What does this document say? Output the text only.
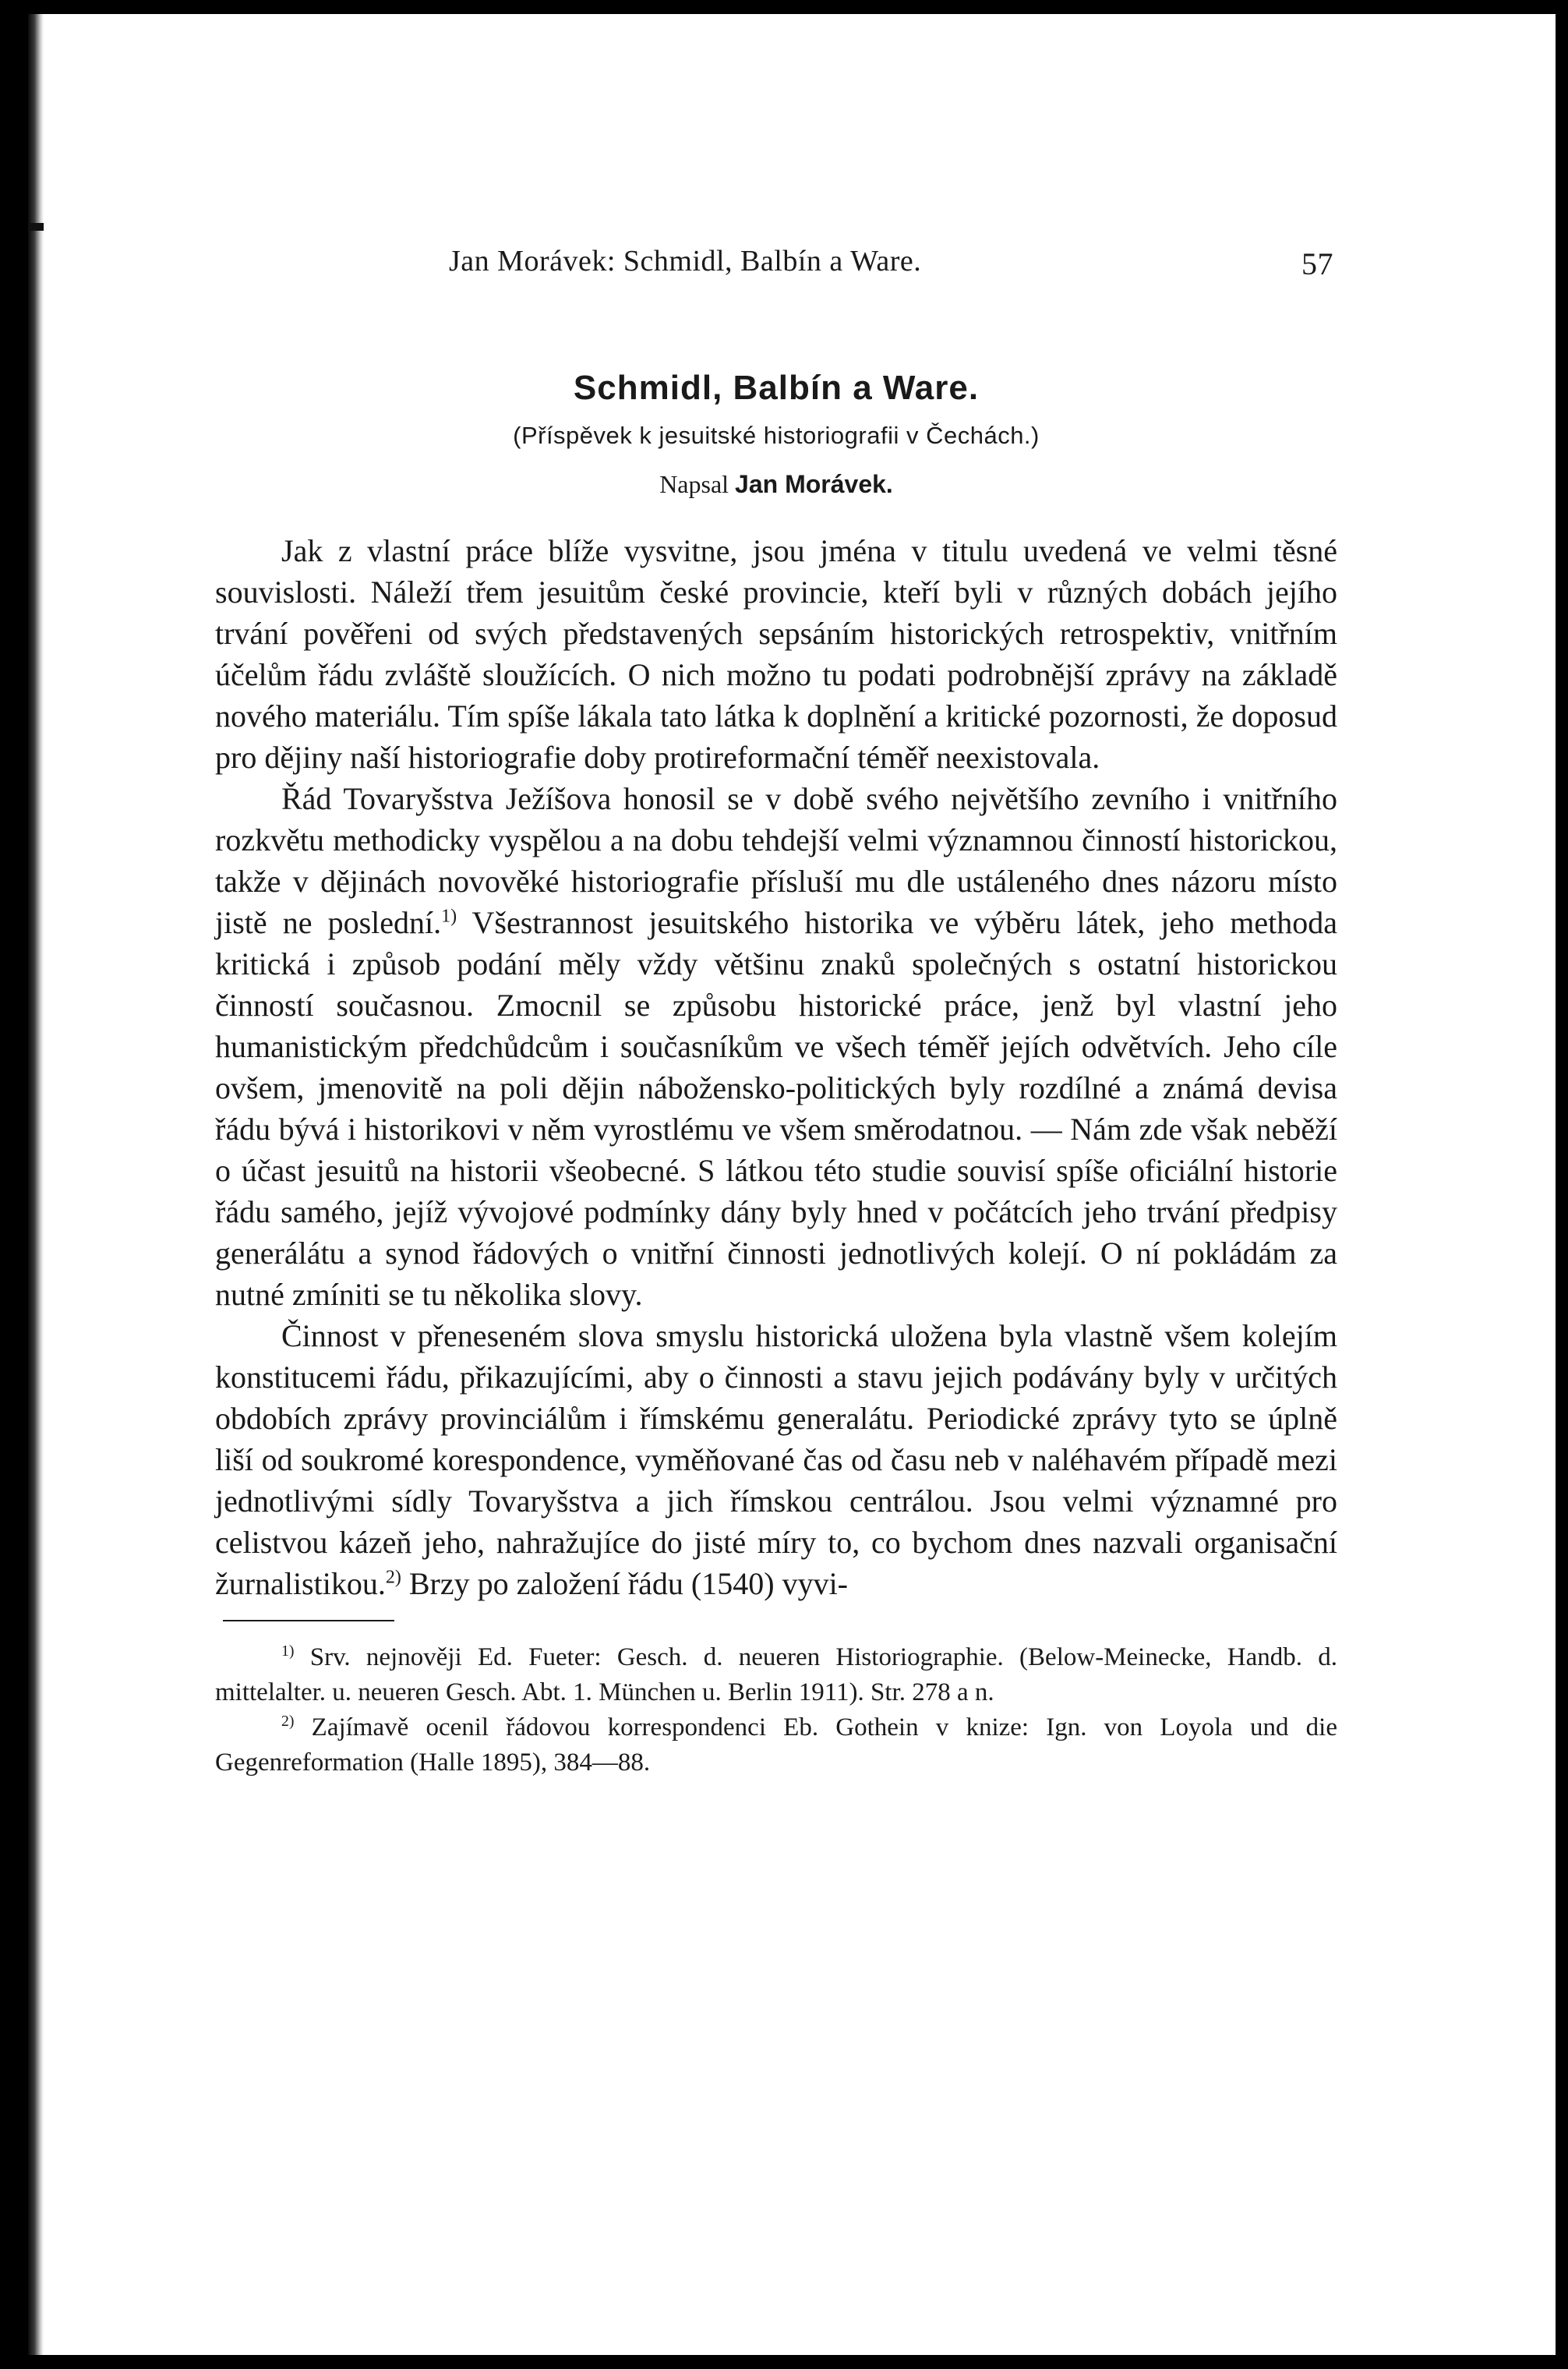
Jan Morávek: Schmidl, Balbín a Ware.	57
Schmidl, Balbín a Ware.
(Příspěvek k jesuitské historiografii v Čechách.)
Napsal Jan Morávek.

Jak z vlastní práce blíže vysvitne, jsou jména v titulu uvedená ve velmi těsné souvislosti. Náleží třem jesuitům české provincie, kteří byli v různých dobách jejího trvání pověřeni od svých představených sepsáním historických retrospektiv, vnitřním účelům řádu zvláště sloužících. O nich možno tu podati podrobnější zprávy na základě nového materiálu. Tím spíše lákala tato látka k doplnění a kritické pozornosti, že doposud pro dějiny naší historiografie doby protireformační téměř neexistovala.

Řád Tovaryšstva Ježíšova honosil se v době svého největšího zevního i vnitřního rozkvětu methodicky vyspělou a na dobu tehdejší velmi významnou činností historickou, takže v dějinách novověké historiografie přísluší mu dle ustáleného dnes názoru místo jistě ne poslední.$^{1)}$ Všestrannost jesuitského historika ve výběru látek, jeho methoda kritická i způsob podání měly vždy většinu znaků společných s ostatní historickou činností současnou. Zmocnil se způsobu historické práce, jenž byl vlastní jeho humanistickým předchůdcům i současníkům ve všech téměř jejích odvětvích. Jeho cíle ovšem, jmenovitě na poli dějin nábožensko-politických byly rozdílné a známá devisa řádu bývá i historikovi v něm vyrostlému ve všem směrodatnou. — Nám zde však neběží o účast jesuitů na historii všeobecné. S látkou této studie souvisí spíše oficiální historie řádu samého, jejíž vývojové podmínky dány byly hned v počátcích jeho trvání předpisy generálátu a synod řádových o vnitřní činnosti jednotlivých kolejí. O ní pokládám za nutné zmíniti se tu několika slovy.

Činnost v přeneseném slova smyslu historická uložena byla vlastně všem kolejím konstitucemi řádu, přikazujícími, aby o činnosti a stavu jejich podávány byly v určitých obdobích zprávy provinciálům i římskému generalátu. Periodické zprávy tyto se úplně liší od soukromé korespondence, vyměňované čas od času neb v naléhavém případě mezi jednotlivými sídly Tovaryšstva a jich římskou centrálou. Jsou velmi významné pro celistvou kázeň jeho, nahražujíce do jisté míry to, co bychom dnes nazvali organisační žurnalistikou.$^{2)}$ Brzy po založení řádu (1540) vyvi-

$^{1)}$ Srv. nejnověji Ed. Fueter: Gesch. d. neueren Historiographie. (Below-Meinecke, Handb. d. mittelalter. u. neueren Gesch. Abt. 1. München u. Berlin 1911). Str. 278 a n.

$^{2)}$ Zajímavě ocenil řádovou korrespondenci Eb. Gothein v knize: Ign. von Loyola und die Gegenreformation (Halle 1895), 384—88.
